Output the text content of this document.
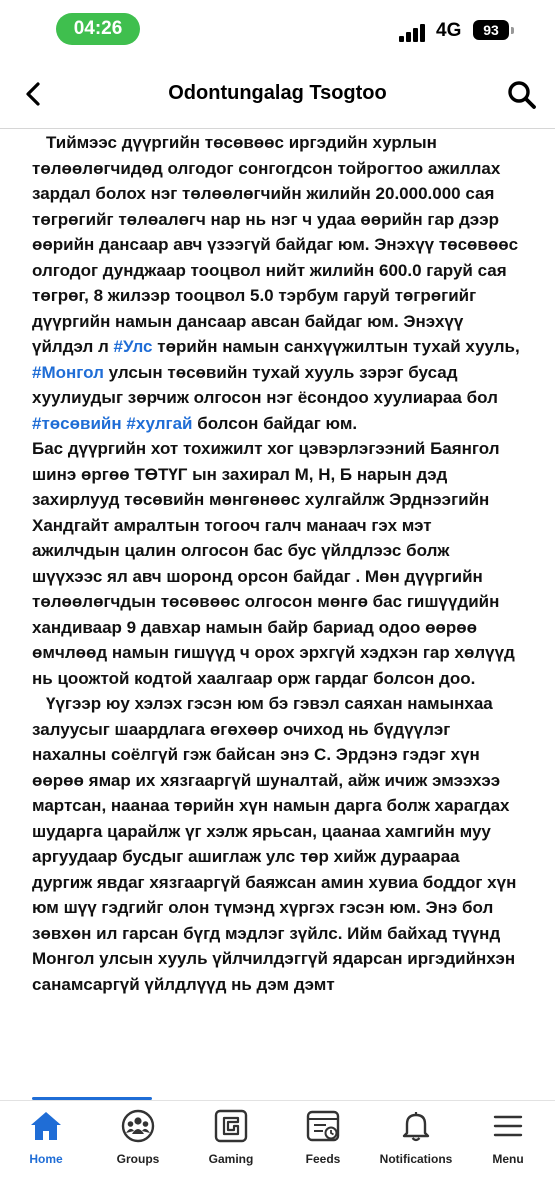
04:26	4G	93
Odontungalag Tsogtoo

Тиймээс дүүргийн төсөвөөс иргэдийн хурлын төлөөлөгчидөд олгодог сонгогдсон тойрогтоо ажиллах зардал болох нэг төлөөлөгчийн жилийн 20.000.000 сая төгрөгийг төлөалөгч нар нь нэг ч удаа өөрийн гар дээр өөрийн дансаар авч үзээгүй байдаг юм. Энэхүү төсөвөөс олгодог дунджаар тооцвол нийт жилийн 600.0 гаруй сая төгрөг, 8 жилээр тооцвол 5.0 тэрбум гаруй төгрөгийг дүүргийн намын дансаар авсан байдаг юм. Энэхүү үйлдэл л #Улс төрийн намын санхүүжилтын тухай хууль, #Монгол улсын төсөвийн тухай хууль зэрэг бусад хуулиудыг зөрчиж олгосон нэг ёсондоо хуулиараа бол #төсөвийн #хулгай болсон байдаг юм.

Бас дүүргийн хот тохижилт хог цэвэрлэгээний Баянгол шинэ өргөө ТӨТҮГ ын захирал М, Н, Б нарын дэд захирлууд төсөвийн мөнгөнөөс хулгайлж Эрднээгийн Хандгайт амралтын тогооч галч манаач гэх мэт ажилчдын цалин олгосон бас бус үйлдлээс болж шүүхээс ял авч шоронд орсон байдаг . Мөн дүүргийн төлөөлөгчдын төсөвөөс олгосон мөнгө бас гишүүдийн хандиваар 9 давхар намын байр бариад одоо өөрөө өмчлөөд намын гишүүд ч орох эрхгүй хэдхэн гар хөлүүд нь цоожтой кодтой хаалгаар орж гардаг болсон доо.

Үүгээр юу хэлэх гэсэн юм бэ гэвэл саяхан намынхаа залуусыг шаардлага өгөхөөр очиход нь бүдүүлэг нахалны соёлгүй гэж байсан энэ С. Эрдэнэ гэдэг хүн өөрөө ямар их хязгааргүй шуналтай, айж ичиж эмээхээ мартсан, наанаа төрийн хүн намын дарга болж харагдах шударга царайлж үг хэлж ярьсан, цаанаа хамгийн муу аргуудаар бусдыг ашиглаж улс төр хийж дураараа дургиж явдаг хязгааргүй баяжсан амин хувиа боддог хүн юм шүү гэдгийг олон түмэнд хүргэх гэсэн юм. Энэ бол зөвхөн ил гарсан бүгд мэдлэг зүйлс. Ийм байхад түүнд Монгол улсын хууль үйлчилдэггүй ядарсан иргэдийнхэн санамсаргүй үйлдлүүд нь дэм дэмт

Home	Groups	Gaming	Feeds	Notifications	Menu
